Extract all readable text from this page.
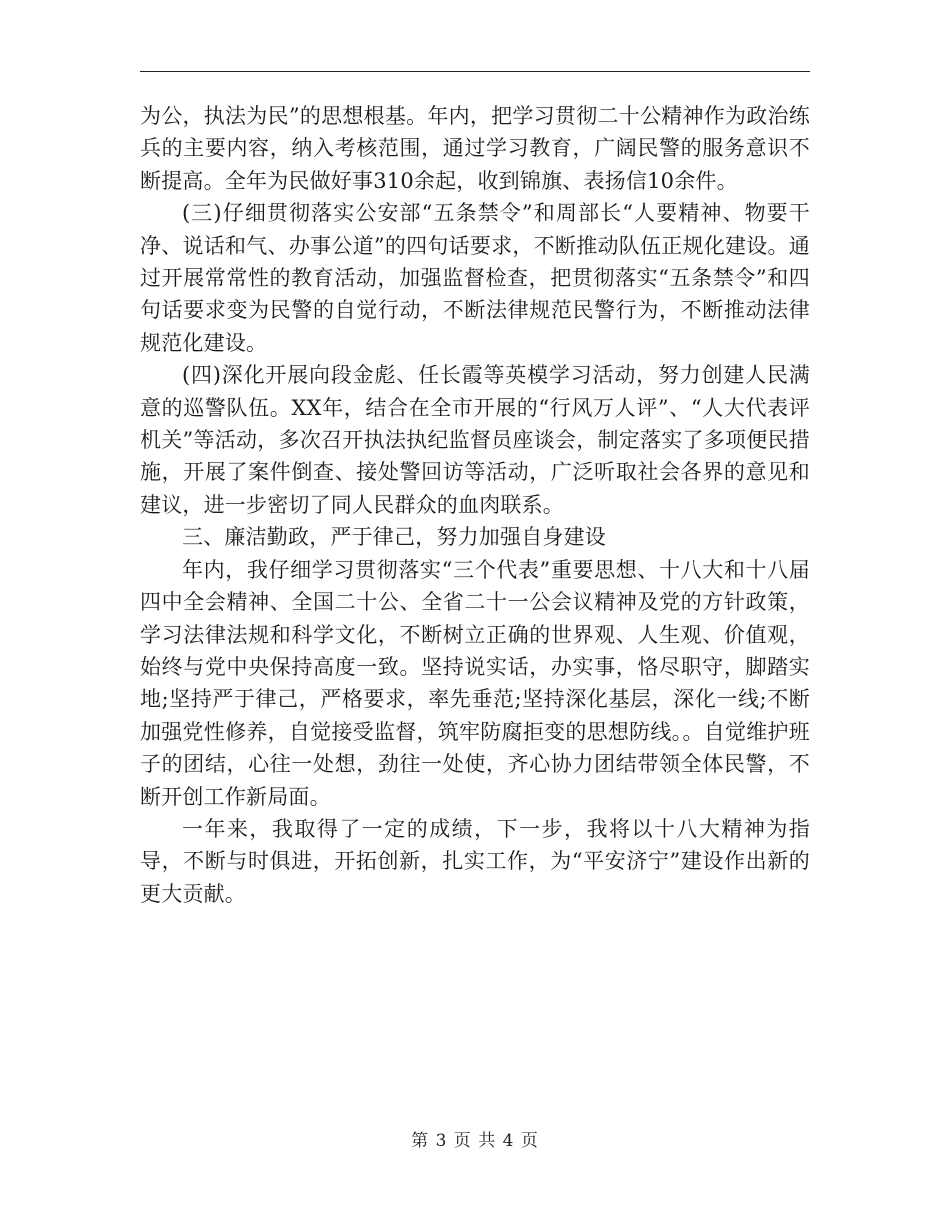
为公，执法为民”的思想根基。年内，把学习贯彻二十公精神作为政治练兵的主要内容，纳入考核范围，通过学习教育，广阔民警的服务意识不断提高。全年为民做好事310余起，收到锦旗、表扬信10余件。

(三)仔细贯彻落实公安部“五条禁令”和周部长“人要精神、物要干净、说话和气、办事公道”的四句话要求，不断推动队伍正规化建设。通过开展常常性的教育活动，加强监督检查，把贯彻落实“五条禁令”和四句话要求变为民警的自觉行动，不断法律规范民警行为，不断推动法律规范化建设。

(四)深化开展向段金彪、任长霞等英模学习活动，努力创建人民满意的巡警队伍。XX年，结合在全市开展的“行风万人评”、“人大代表评机关”等活动，多次召开执法执纪监督员座谈会，制定落实了多项便民措施，开展了案件倒查、接处警回访等活动，广泛听取社会各界的意见和建议，进一步密切了同人民群众的血肉联系。

三、廉洁勤政，严于律己，努力加强自身建设

年内，我仔细学习贯彻落实“三个代表”重要思想、十八大和十八届四中全会精神、全国二十公、全省二十一公会议精神及党的方针政策，学习法律法规和科学文化，不断树立正确的世界观、人生观、价值观，始终与党中央保持高度一致。坚持说实话，办实事，恪尽职守，脚踏实地;坚持严于律己，严格要求，率先垂范;坚持深化基层，深化一线;不断加强党性修养，自觉接受监督，筑牢防腐拒变的思想防线。。自觉维护班子的团结，心往一处想，劲往一处使，齐心协力团结带领全体民警，不断开创工作新局面。

一年来，我取得了一定的成绩，下一步，我将以十八大精神为指导，不断与时俱进，开拓创新，扎实工作，为“平安济宁”建设作出新的更大贡献。

第 3 页 共 4 页
